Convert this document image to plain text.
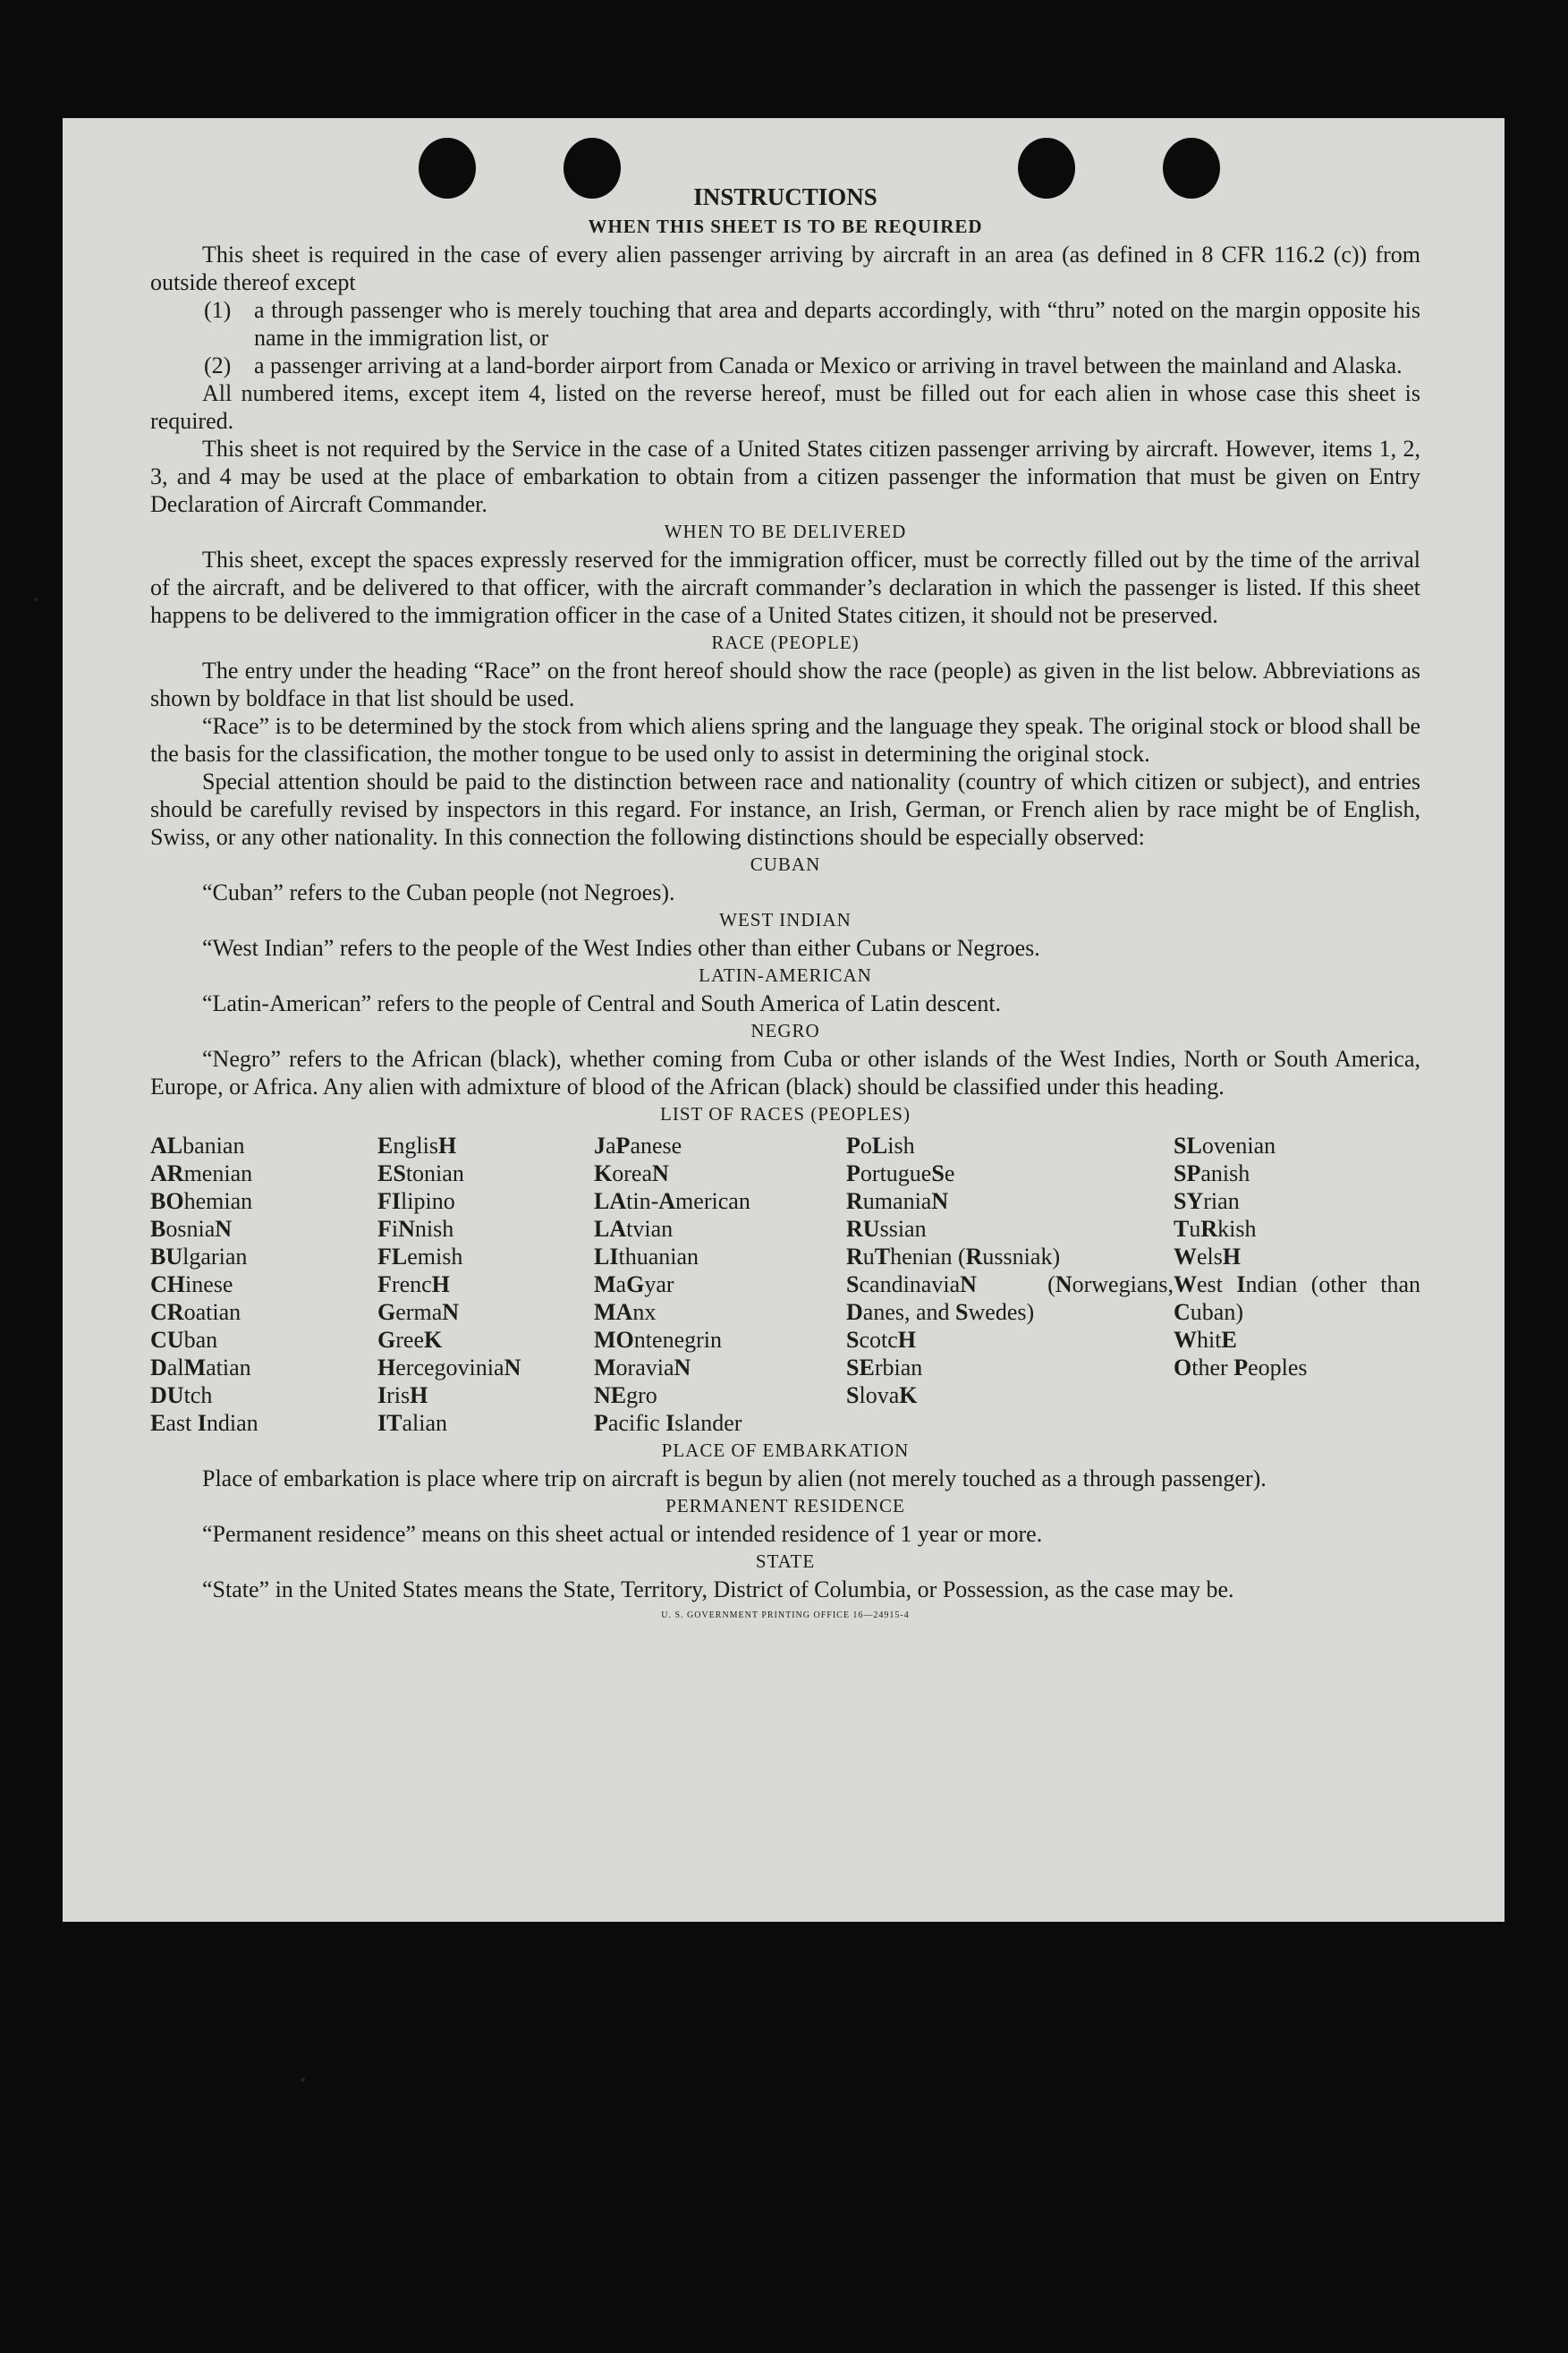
INSTRUCTIONS
WHEN THIS SHEET IS TO BE REQUIRED

This sheet is required in the case of every alien passenger arriving by aircraft in an area (as defined in 8 CFR 116.2 (c)) from outside thereof except

(1) a through passenger who is merely touching that area and departs accordingly, with “thru” noted on the margin opposite his name in the immigration list, or
(2) a passenger arriving at a land-border airport from Canada or Mexico or arriving in travel between the mainland and Alaska.

All numbered items, except item 4, listed on the reverse hereof, must be filled out for each alien in whose case this sheet is required.

This sheet is not required by the Service in the case of a United States citizen passenger arriving by aircraft. However, items 1, 2, 3, and 4 may be used at the place of embarkation to obtain from a citizen passenger the information that must be given on Entry Declaration of Aircraft Commander.

WHEN TO BE DELIVERED

This sheet, except the spaces expressly reserved for the immigration officer, must be correctly filled out by the time of the arrival of the aircraft, and be delivered to that officer, with the aircraft commander’s declaration in which the passenger is listed. If this sheet happens to be delivered to the immigration officer in the case of a United States citizen, it should not be preserved.

RACE (PEOPLE)

The entry under the heading “Race” on the front hereof should show the race (people) as given in the list below. Abbreviations as shown by boldface in that list should be used.

“Race” is to be determined by the stock from which aliens spring and the language they speak. The original stock or blood shall be the basis for the classification, the mother tongue to be used only to assist in determining the original stock.

Special attention should be paid to the distinction between race and nationality (country of which citizen or subject), and entries should be carefully revised by inspectors in this regard. For instance, an Irish, German, or French alien by race might be of English, Swiss, or any other nationality. In this connection the following distinctions should be especially observed:

CUBAN

“Cuban” refers to the Cuban people (not Negroes).

WEST INDIAN

“West Indian” refers to the people of the West Indies other than either Cubans or Negroes.

LATIN-AMERICAN

“Latin-American” refers to the people of Central and South America of Latin descent.

NEGRO

“Negro” refers to the African (black), whether coming from Cuba or other islands of the West Indies, North or South America, Europe, or Africa. Any alien with admixture of blood of the African (black) should be classified under this heading.

LIST OF RACES (PEOPLES)
ALbanian
ARmenian
BOhemian
BosniaN
BUlgarian
CHinese
CRoatian
CUban
DalMatian
DUtch
East Indian
EnglisH
EStonian
FIlipino
FiNnish
FLemish
FrencH
GermaN
GreeK
HercegoviniaN
IrisH
ITalian
JaPanese
KoreaN
LAtin-American
LAtvian
LIthuanian
MaGyar
MAnx
MOntenegrin
MoraviaN
NEgro
Pacific Islander
PoLish
PortugueSe
RumaniaN
RUssian
RuThenian (Russniak)
ScandinaviaN	(Norwegians, Danes, and Swedes)
ScotcH
SErbian
SlovaK
SLovenian
SPanish
SYrian
TuRkish
WelsH
West Indian (other than Cuban)
WhitE
Other Peoples
PLACE OF EMBARKATION

Place of embarkation is place where trip on aircraft is begun by alien (not merely touched as a through passenger).

PERMANENT RESIDENCE

“Permanent residence” means on this sheet actual or intended residence of 1 year or more.

STATE

“State” in the United States means the State, Territory, District of Columbia, or Possession, as the case may be.

U. S. GOVERNMENT PRINTING OFFICE 16—24915-4
